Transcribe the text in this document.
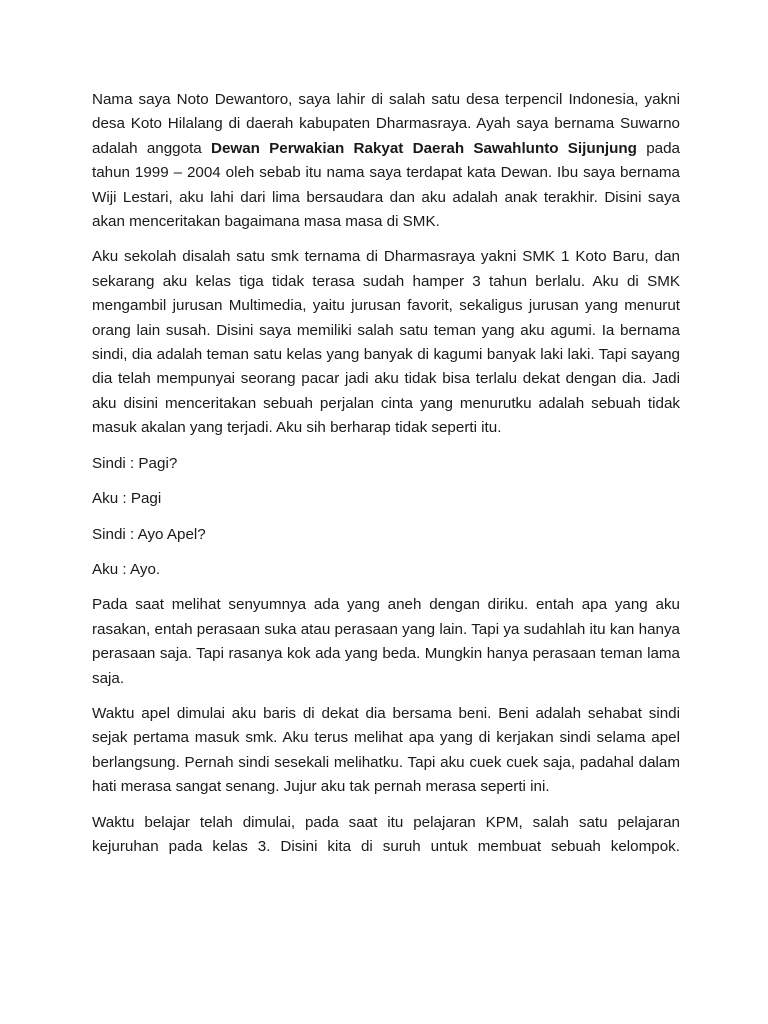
Nama saya Noto Dewantoro, saya lahir di salah satu desa terpencil Indonesia, yakni desa Koto Hilalang di daerah kabupaten Dharmasraya. Ayah saya bernama Suwarno adalah anggota Dewan Perwakian Rakyat Daerah Sawahlunto Sijunjung pada tahun 1999 – 2004 oleh sebab itu nama saya terdapat kata Dewan. Ibu saya bernama Wiji Lestari, aku lahi dari lima bersaudara dan aku adalah anak terakhir. Disini saya akan menceritakan bagaimana masa masa di SMK.

Aku sekolah disalah satu smk ternama di Dharmasraya yakni SMK 1 Koto Baru, dan sekarang aku kelas tiga tidak terasa sudah hamper 3 tahun berlalu. Aku di SMK mengambil jurusan Multimedia, yaitu jurusan favorit, sekaligus jurusan yang menurut orang lain susah. Disini saya memiliki salah satu teman yang aku agumi. Ia bernama sindi, dia adalah teman satu kelas yang banyak di kagumi banyak laki laki. Tapi sayang dia telah mempunyai seorang pacar jadi aku tidak bisa terlalu dekat dengan dia. Jadi aku disini menceritakan sebuah perjalan cinta yang menurutku adalah sebuah tidak masuk akalan yang terjadi. Aku sih berharap tidak seperti itu.

Sindi : Pagi?

Aku : Pagi

Sindi : Ayo Apel?

Aku : Ayo.

Pada saat melihat senyumnya ada yang aneh dengan diriku. entah apa yang aku rasakan, entah perasaan suka atau perasaan yang lain. Tapi ya sudahlah itu kan hanya perasaan saja. Tapi rasanya kok ada yang beda. Mungkin hanya perasaan teman lama saja.

Waktu apel dimulai aku baris di dekat dia bersama beni. Beni adalah sehabat sindi sejak pertama masuk smk. Aku terus melihat apa yang di kerjakan sindi selama apel berlangsung. Pernah sindi sesekali melihatku. Tapi aku cuek cuek saja, padahal dalam hati merasa sangat senang. Jujur aku tak pernah merasa seperti ini.

Waktu belajar telah dimulai, pada saat itu pelajaran KPM, salah satu pelajaran kejuruhan pada kelas 3. Disini kita di suruh untuk membuat sebuah kelompok.
